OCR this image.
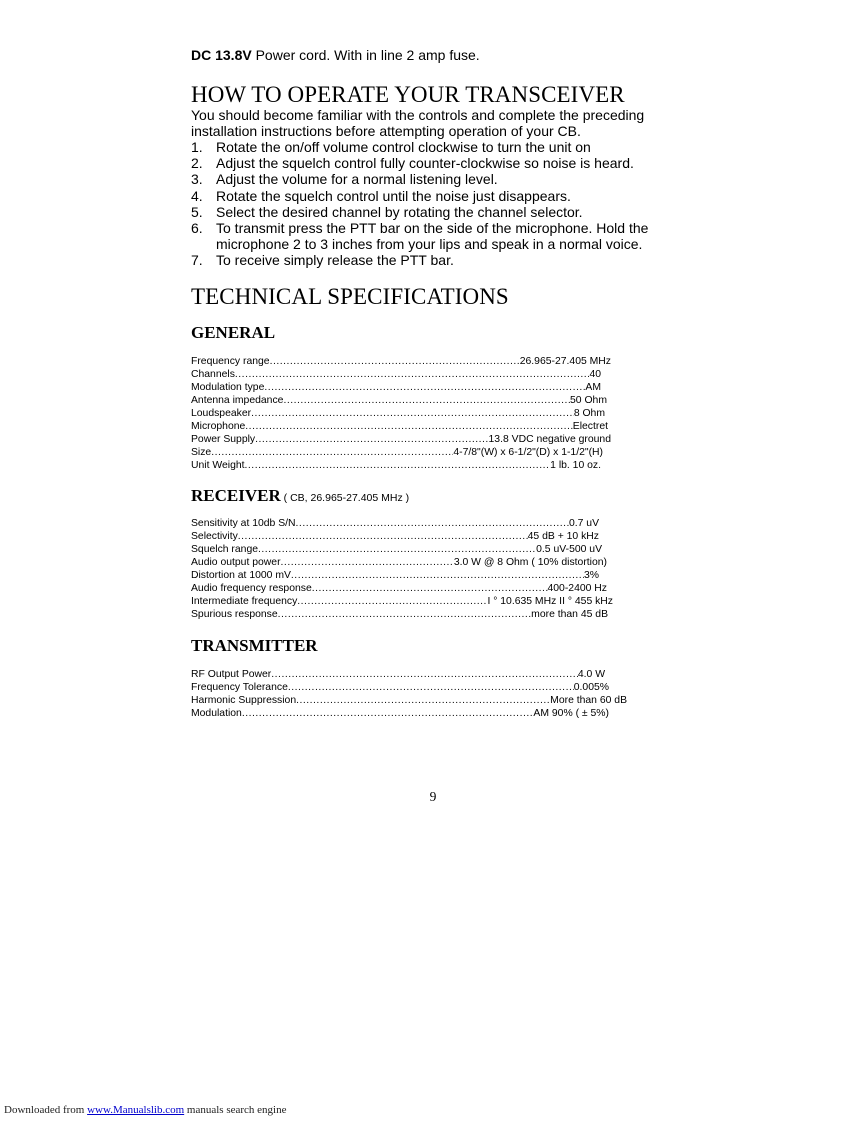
DC 13.8V Power cord. With in line 2 amp fuse.
HOW TO OPERATE YOUR TRANSCEIVER
You should become familiar with the controls and complete the preceding installation instructions before attempting operation of your CB.
1. Rotate the on/off volume control clockwise to turn the unit on
2. Adjust the squelch control fully counter-clockwise so noise is heard.
3. Adjust the volume for a normal listening level.
4. Rotate the squelch control until the noise just disappears.
5. Select the desired channel by rotating the channel selector.
6. To transmit press the PTT bar on the side of the microphone. Hold the microphone 2 to 3 inches from your lips and speak in a normal voice.
7. To receive simply release the PTT bar.
TECHNICAL SPECIFICATIONS
GENERAL
Frequency range .....	26.965-27.405 MHz
Channels .....	40
Modulation type .....	AM
Antenna impedance .....	50 Ohm
Loudspeaker .....	8 Ohm
Microphone .....	Electret
Power Supply .....	13.8 VDC negative ground
Size .....	4-7/8"(W) x 6-1/2"(D) x 1-1/2"(H)
Unit Weight .....	1 lb. 10 oz.
RECEIVER ( CB, 26.965-27.405 MHz )
Sensitivity at 10db S/N .....	0.7 uV
Selectivity .....	45 dB + 10 kHz
Squelch range .....	0.5 uV-500 uV
Audio output power .....	3.0 W @ 8 Ohm ( 10% distortion)
Distortion at 1000 mV .....	3%
Audio frequency response .....	400-2400 Hz
Intermediate frequency .....	I ° 10.635 MHz II ° 455 kHz
Spurious response .....	more than 45 dB
TRANSMITTER
RF Output Power .....	4.0 W
Frequency Tolerance .....	0.005%
Harmonic Suppression .....	More than 60 dB
Modulation .....	AM 90% ( ± 5%)
9
Downloaded from www.Manualslib.com manuals search engine
